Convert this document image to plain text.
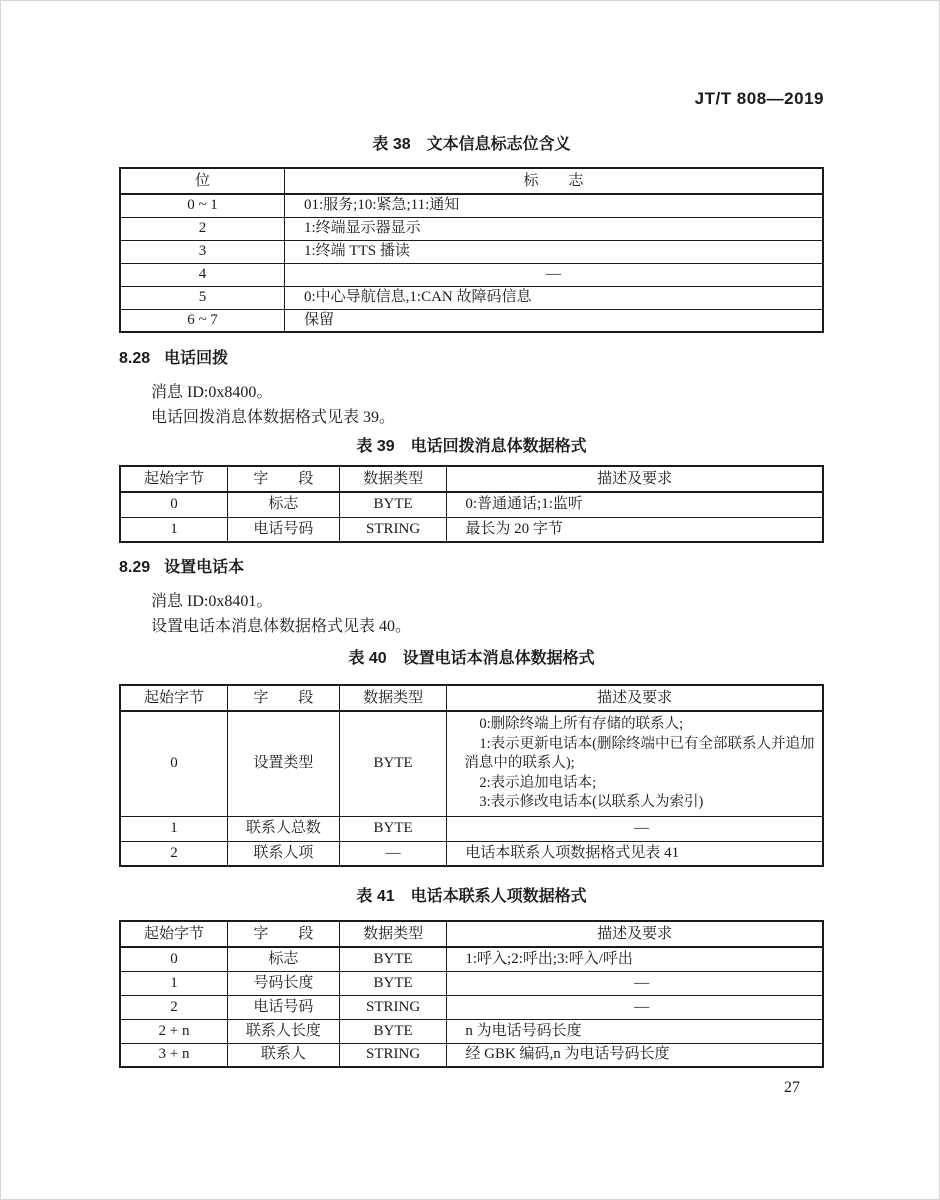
JT/T 808—2019
表 38　文本信息标志位含义
位	标　　志
0 ~ 1	01:服务;10:紧急;11:通知
2	1:终端显示器显示
3	1:终端 TTS 播读
4	—
5	0:中心导航信息,1:CAN 故障码信息
6 ~ 7	保留
8.28 电话回拨

消息 ID:0x8400。

电话回拨消息体数据格式见表 39。

表 39　电话回拨消息体数据格式
起始字节	字　　段	数据类型	描述及要求
0	标志	BYTE	0:普通通话;1:监听
1	电话号码	STRING	最长为 20 字节
8.29 设置电话本

消息 ID:0x8401。

设置电话本消息体数据格式见表 40。

表 40　设置电话本消息体数据格式
起始字节	字　　段	数据类型	描述及要求
0	设置类型	BYTE	0:删除终端上所有存储的联系人;

1:表示更新电话本(删除终端中已有全部联系人并追加消息中的联系人);

2:表示追加电话本;

3:表示修改电话本(以联系人为索引)

1	联系人总数	BYTE	—
2	联系人项	—	电话本联系人项数据格式见表 41
表 41　电话本联系人项数据格式
起始字节	字　　段	数据类型	描述及要求
0	标志	BYTE	1:呼入;2:呼出;3:呼入/呼出
1	号码长度	BYTE	—
2	电话号码	STRING	—
2 + n	联系人长度	BYTE	n 为电话号码长度
3 + n	联系人	STRING	经 GBK 编码,n 为电话号码长度
27
